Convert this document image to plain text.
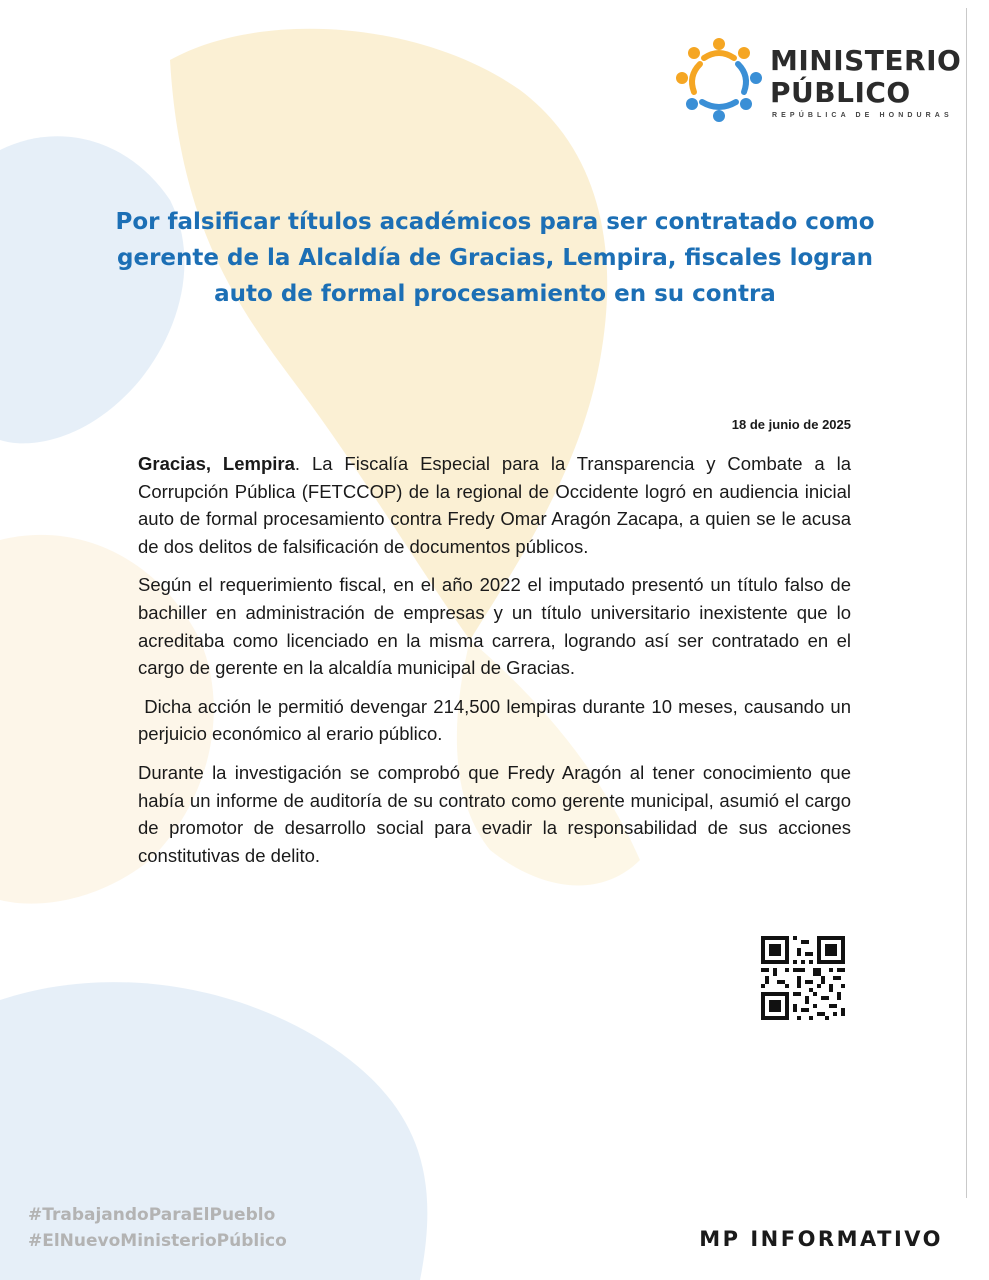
MINISTERIO
PÚBLICO
REPÚBLICA DE HONDURAS
Por falsificar títulos académicos para ser contratado como
gerente de la Alcaldía de Gracias, Lempira, fiscales logran
auto de formal procesamiento en su contra
18 de junio de 2025

Gracias, Lempira. La Fiscalía Especial para la Transparencia y Combate a la Corrupción Pública (FETCCOP) de la regional de Occidente logró en audiencia inicial auto de formal procesamiento contra Fredy Omar Aragón Zacapa, a quien se le acusa de dos delitos de falsificación de documentos públicos.

Según el requerimiento fiscal, en el año 2022 el imputado presentó un título falso de bachiller en administración de empresas y un título universitario inexistente que lo acreditaba como licenciado en la misma carrera, logrando así ser contratado en el cargo de gerente en la alcaldía municipal de Gracias.

Dicha acción le permitió devengar 214,500 lempiras durante 10 meses, causando un perjuicio económico al erario público.

Durante la investigación se comprobó que Fredy Aragón al tener conocimiento que había un informe de auditoría de su contrato como gerente municipal, asumió el cargo de promotor de desarrollo social para evadir la responsabilidad de sus acciones constitutivas de delito.

#TrabajandoParaElPueblo
#ElNuevoMinisterioPúblico	MP INFORMATIVO
